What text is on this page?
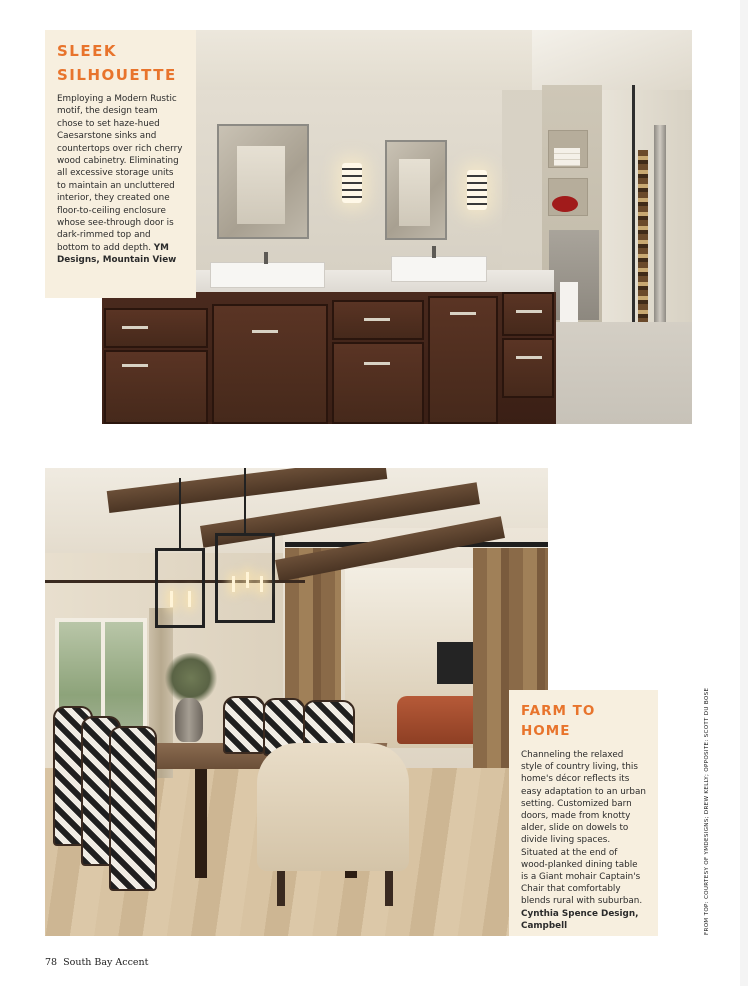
SLEEK
SILHOUETTE

Employing a Modern Rustic motif, the design team chose to set haze-hued Caesarstone sinks and countertops over rich cherry wood cabinetry. Eliminating all excessive storage units to maintain an uncluttered interior, they created one floor-to-ceiling enclosure whose see-through door is dark-rimmed top and bottom to add depth. YM Designs, Mountain View

FARM TO HOME

Channeling the relaxed style of country living, this home's décor reflects its easy adaptation to an urban setting. Customized barn doors, made from knotty alder, slide on dowels to divide living spaces. Situated at the end of wood-planked dining table is a Giant mohair Captain's Chair that comfortably blends rural with suburban. Cynthia Spence Design, Campbell

78 South Bay Accent
FROM TOP: COURTESY OF YMDESIGNS; DREW KELLY; OPPOSITE: SCOTT DU BOSE
